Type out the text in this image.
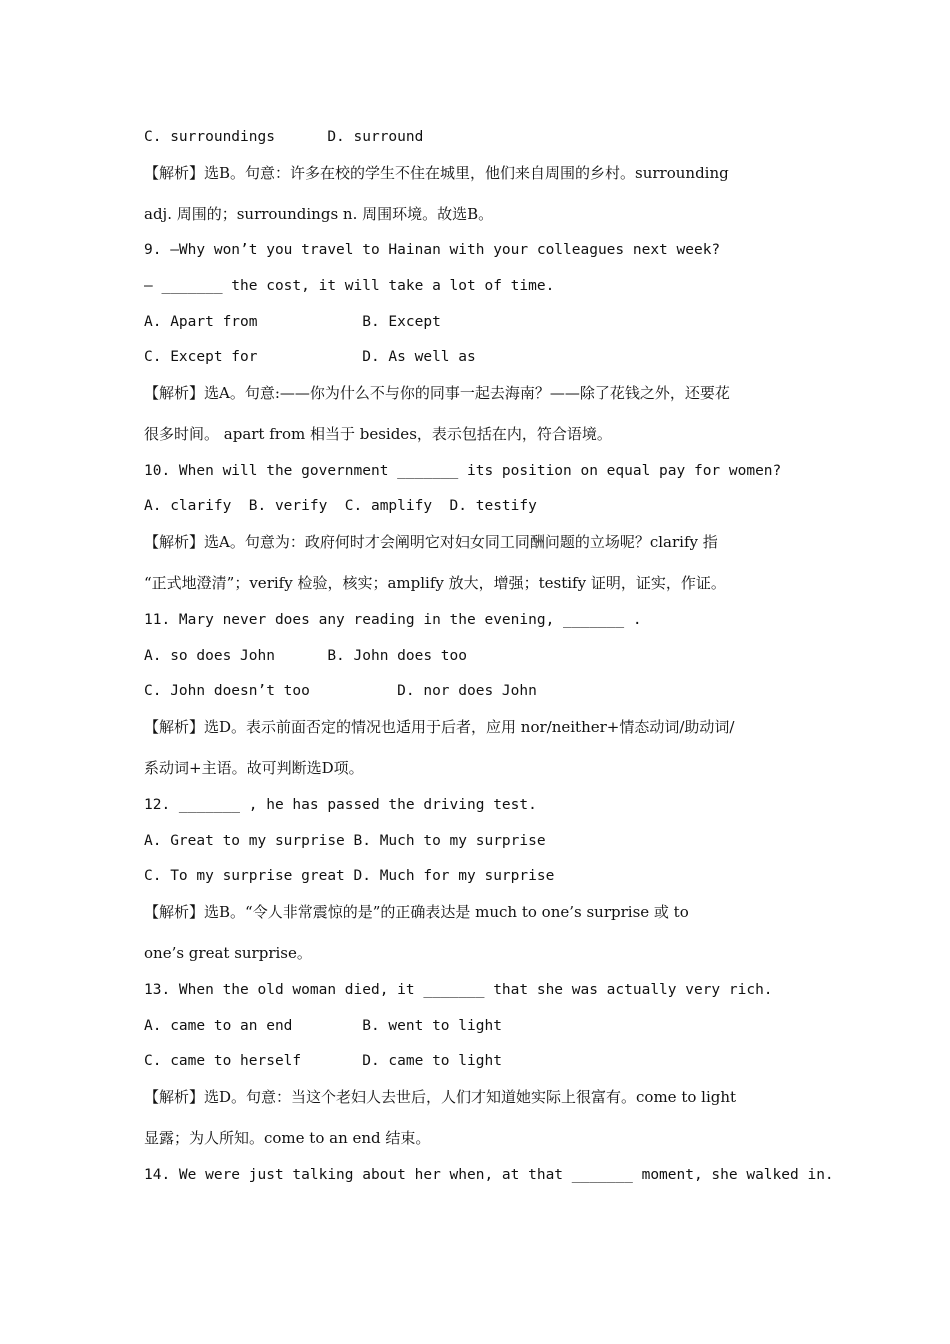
C. surroundings      D. surround
【解析】选B。句意：许多在校的学生不住在城里，他们来自周围的乡村。surrounding
adj. 周围的；surroundings n. 周围环境。故选B。
9. —Why won’t you travel to Hainan with your colleagues next week?
— _______ the cost, it will take a lot of time.
A. Apart from            B. Except
C. Except for            D. As well as
【解析】选A。句意:——你为什么不与你的同事一起去海南？——除了花钱之外，还要花
很多时间。 apart from 相当于 besides，表示包括在内，符合语境。
10. When will the government _______ its position on equal pay for women?
A. clarify  B. verify  C. amplify  D. testify
【解析】选A。句意为：政府何时才会阐明它对妇女同工同酬问题的立场呢？clarify 指
“正式地澄清”；verify 检验，核实；amplify 放大，增强；testify 证明，证实，作证。
11. Mary never does any reading in the evening, _______ .
A. so does John      B. John does too
C. John doesn’t too          D. nor does John
【解析】选D。表示前面否定的情况也适用于后者，应用 nor/neither+情态动词/助动词/
系动词+主语。故可判断选D项。
12. _______ , he has passed the driving test.
A. Great to my surprise B. Much to my surprise
C. To my surprise great D. Much for my surprise
【解析】选B。“令人非常震惊的是”的正确表达是 much to one’s surprise 或 to
one’s great surprise。
13. When the old woman died, it _______ that she was actually very rich.
A. came to an end        B. went to light
C. came to herself       D. came to light
【解析】选D。句意：当这个老妇人去世后，人们才知道她实际上很富有。come to light
显露；为人所知。come to an end 结束。
14. We were just talking about her when, at that _______ moment, she walked in.
